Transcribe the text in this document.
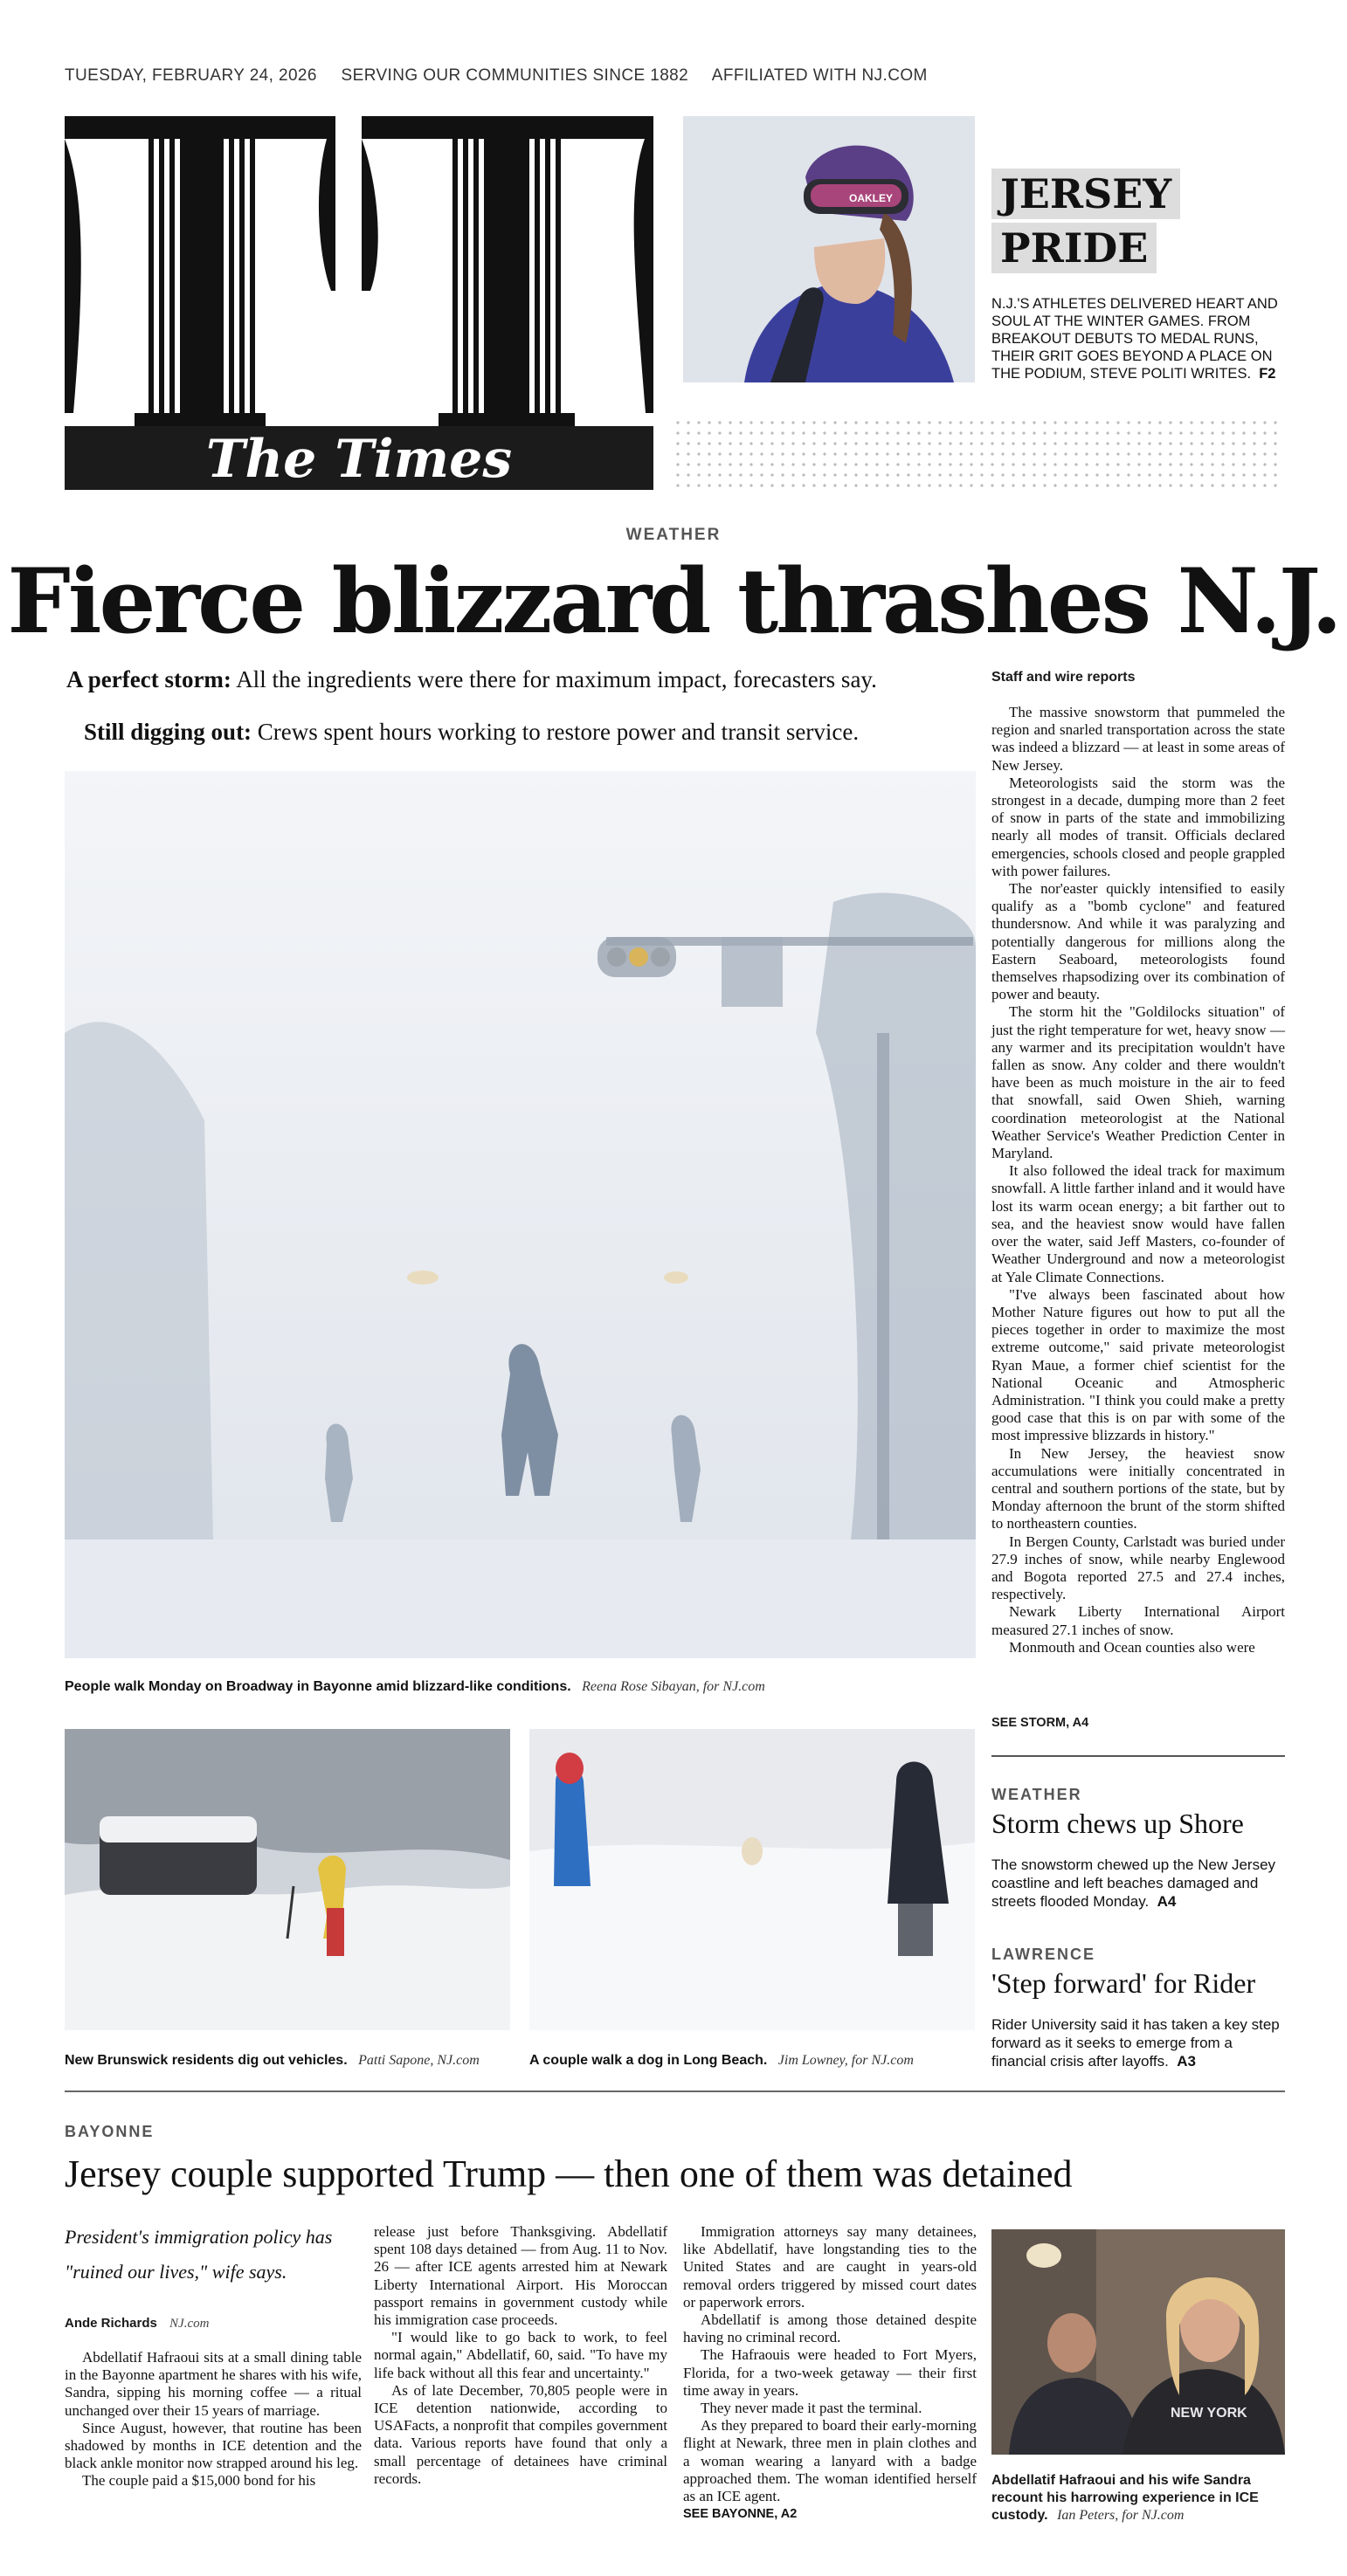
TUESDAY, FEBRUARY 24, 2026 SERVING OUR COMMUNITIES SINCE 1882 AFFILIATED WITH NJ.COM
TT
The Times
OAKLEY	JERSEY
PRIDE
N.J.'S ATHLETES DELIVERED HEART AND SOUL AT THE WINTER GAMES. FROM BREAKOUT DEBUTS TO MEDAL RUNS, THEIR GRIT GOES BEYOND A PLACE ON THE PODIUM, STEVE POLITI WRITES. F2
WEATHER
Fierce blizzard thrashes N.J.
A perfect storm: All the ingredients were there for maximum impact, forecasters say.
Still digging out: Crews spent hours working to restore power and transit service.
People walk Monday on Broadway in Bayonne amid blizzard-like conditions. Reena Rose Sibayan, for NJ.com
New Brunswick residents dig out vehicles. Patti Sapone, NJ.com	A couple walk a dog in Long Beach. Jim Lowney, for NJ.com
Staff and wire reports

The massive snowstorm that pummeled the region and snarled transportation across the state was indeed a blizzard — at least in some areas of New Jersey.

Meteorologists said the storm was the strongest in a decade, dumping more than 2 feet of snow in parts of the state and immobilizing nearly all modes of transit. Officials declared emergencies, schools closed and people grappled with power failures.

The nor'easter quickly intensified to easily qualify as a "bomb cyclone" and featured thundersnow. And while it was paralyzing and potentially dangerous for millions along the Eastern Seaboard, meteorologists found themselves rhapsodizing over its combination of power and beauty.

The storm hit the "Goldilocks situation" of just the right temperature for wet, heavy snow — any warmer and its precipitation wouldn't have fallen as snow. Any colder and there wouldn't have been as much moisture in the air to feed that snowfall, said Owen Shieh, warning coordination meteorologist at the National Weather Service's Weather Prediction Center in Maryland.

It also followed the ideal track for maximum snowfall. A little farther inland and it would have lost its warm ocean energy; a bit farther out to sea, and the heaviest snow would have fallen over the water, said Jeff Masters, co-founder of Weather Underground and now a meteorologist at Yale Climate Connections.

"I've always been fascinated about how Mother Nature figures out how to put all the pieces together in order to maximize the most extreme outcome," said private meteorologist Ryan Maue, a former chief scientist for the National Oceanic and Atmospheric Administration. "I think you could make a pretty good case that this is on par with some of the most impressive blizzards in history."

In New Jersey, the heaviest snow accumulations were initially concentrated in central and southern portions of the state, but by Monday afternoon the brunt of the storm shifted to northeastern counties.

In Bergen County, Carlstadt was buried under 27.9 inches of snow, while nearby Englewood and Bogota reported 27.5 and 27.4 inches, respectively.

Newark Liberty International Airport measured 27.1 inches of snow.

Monmouth and Ocean counties also were

SEE STORM, A4
WEATHER
Storm chews up Shore
The snowstorm chewed up the New Jersey coastline and left beaches damaged and streets flooded Monday. A4
LAWRENCE
'Step forward' for Rider
Rider University said it has taken a key step forward as it seeks to emerge from a financial crisis after layoffs. A3
BAYONNE
Jersey couple supported Trump — then one of them was detained
President's immigration policy has "ruined our lives," wife says.
Ande Richards NJ.com

Abdellatif Hafraoui sits at a small dining table in the Bayonne apartment he shares with his wife, Sandra, sipping his morning coffee — a ritual unchanged over their 15 years of marriage.

Since August, however, that routine has been shadowed by months in ICE detention and the black ankle monitor now strapped around his leg.

The couple paid a $15,000 bond for his

release just before Thanksgiving. Abdellatif spent 108 days detained — from Aug. 11 to Nov. 26 — after ICE agents arrested him at Newark Liberty International Airport. His Moroccan passport remains in government custody while his immigration case proceeds.

"I would like to go back to work, to feel normal again," Abdellatif, 60, said. "To have my life back without all this fear and uncertainty."

As of late December, 70,805 people were in ICE detention nationwide, according to USAFacts, a nonprofit that compiles government data. Various reports have found that only a small percentage of detainees have criminal records.

Immigration attorneys say many detainees, like Abdellatif, have longstanding ties to the United States and are caught in years-old removal orders triggered by missed court dates or paperwork errors.

Abdellatif is among those detained despite having no criminal record.

The Hafraouis were headed to Fort Myers, Florida, for a two-week getaway — their first time away in years.

They never made it past the terminal.

As they prepared to board their early-morning flight at Newark, three men in plain clothes and a woman wearing a lanyard with a badge approached them. The woman identified herself as an ICE agent.

SEE BAYONNE, A2

NEW YORK
Abdellatif Hafraoui and his wife Sandra recount his harrowing experience in ICE custody. Ian Peters, for NJ.com
